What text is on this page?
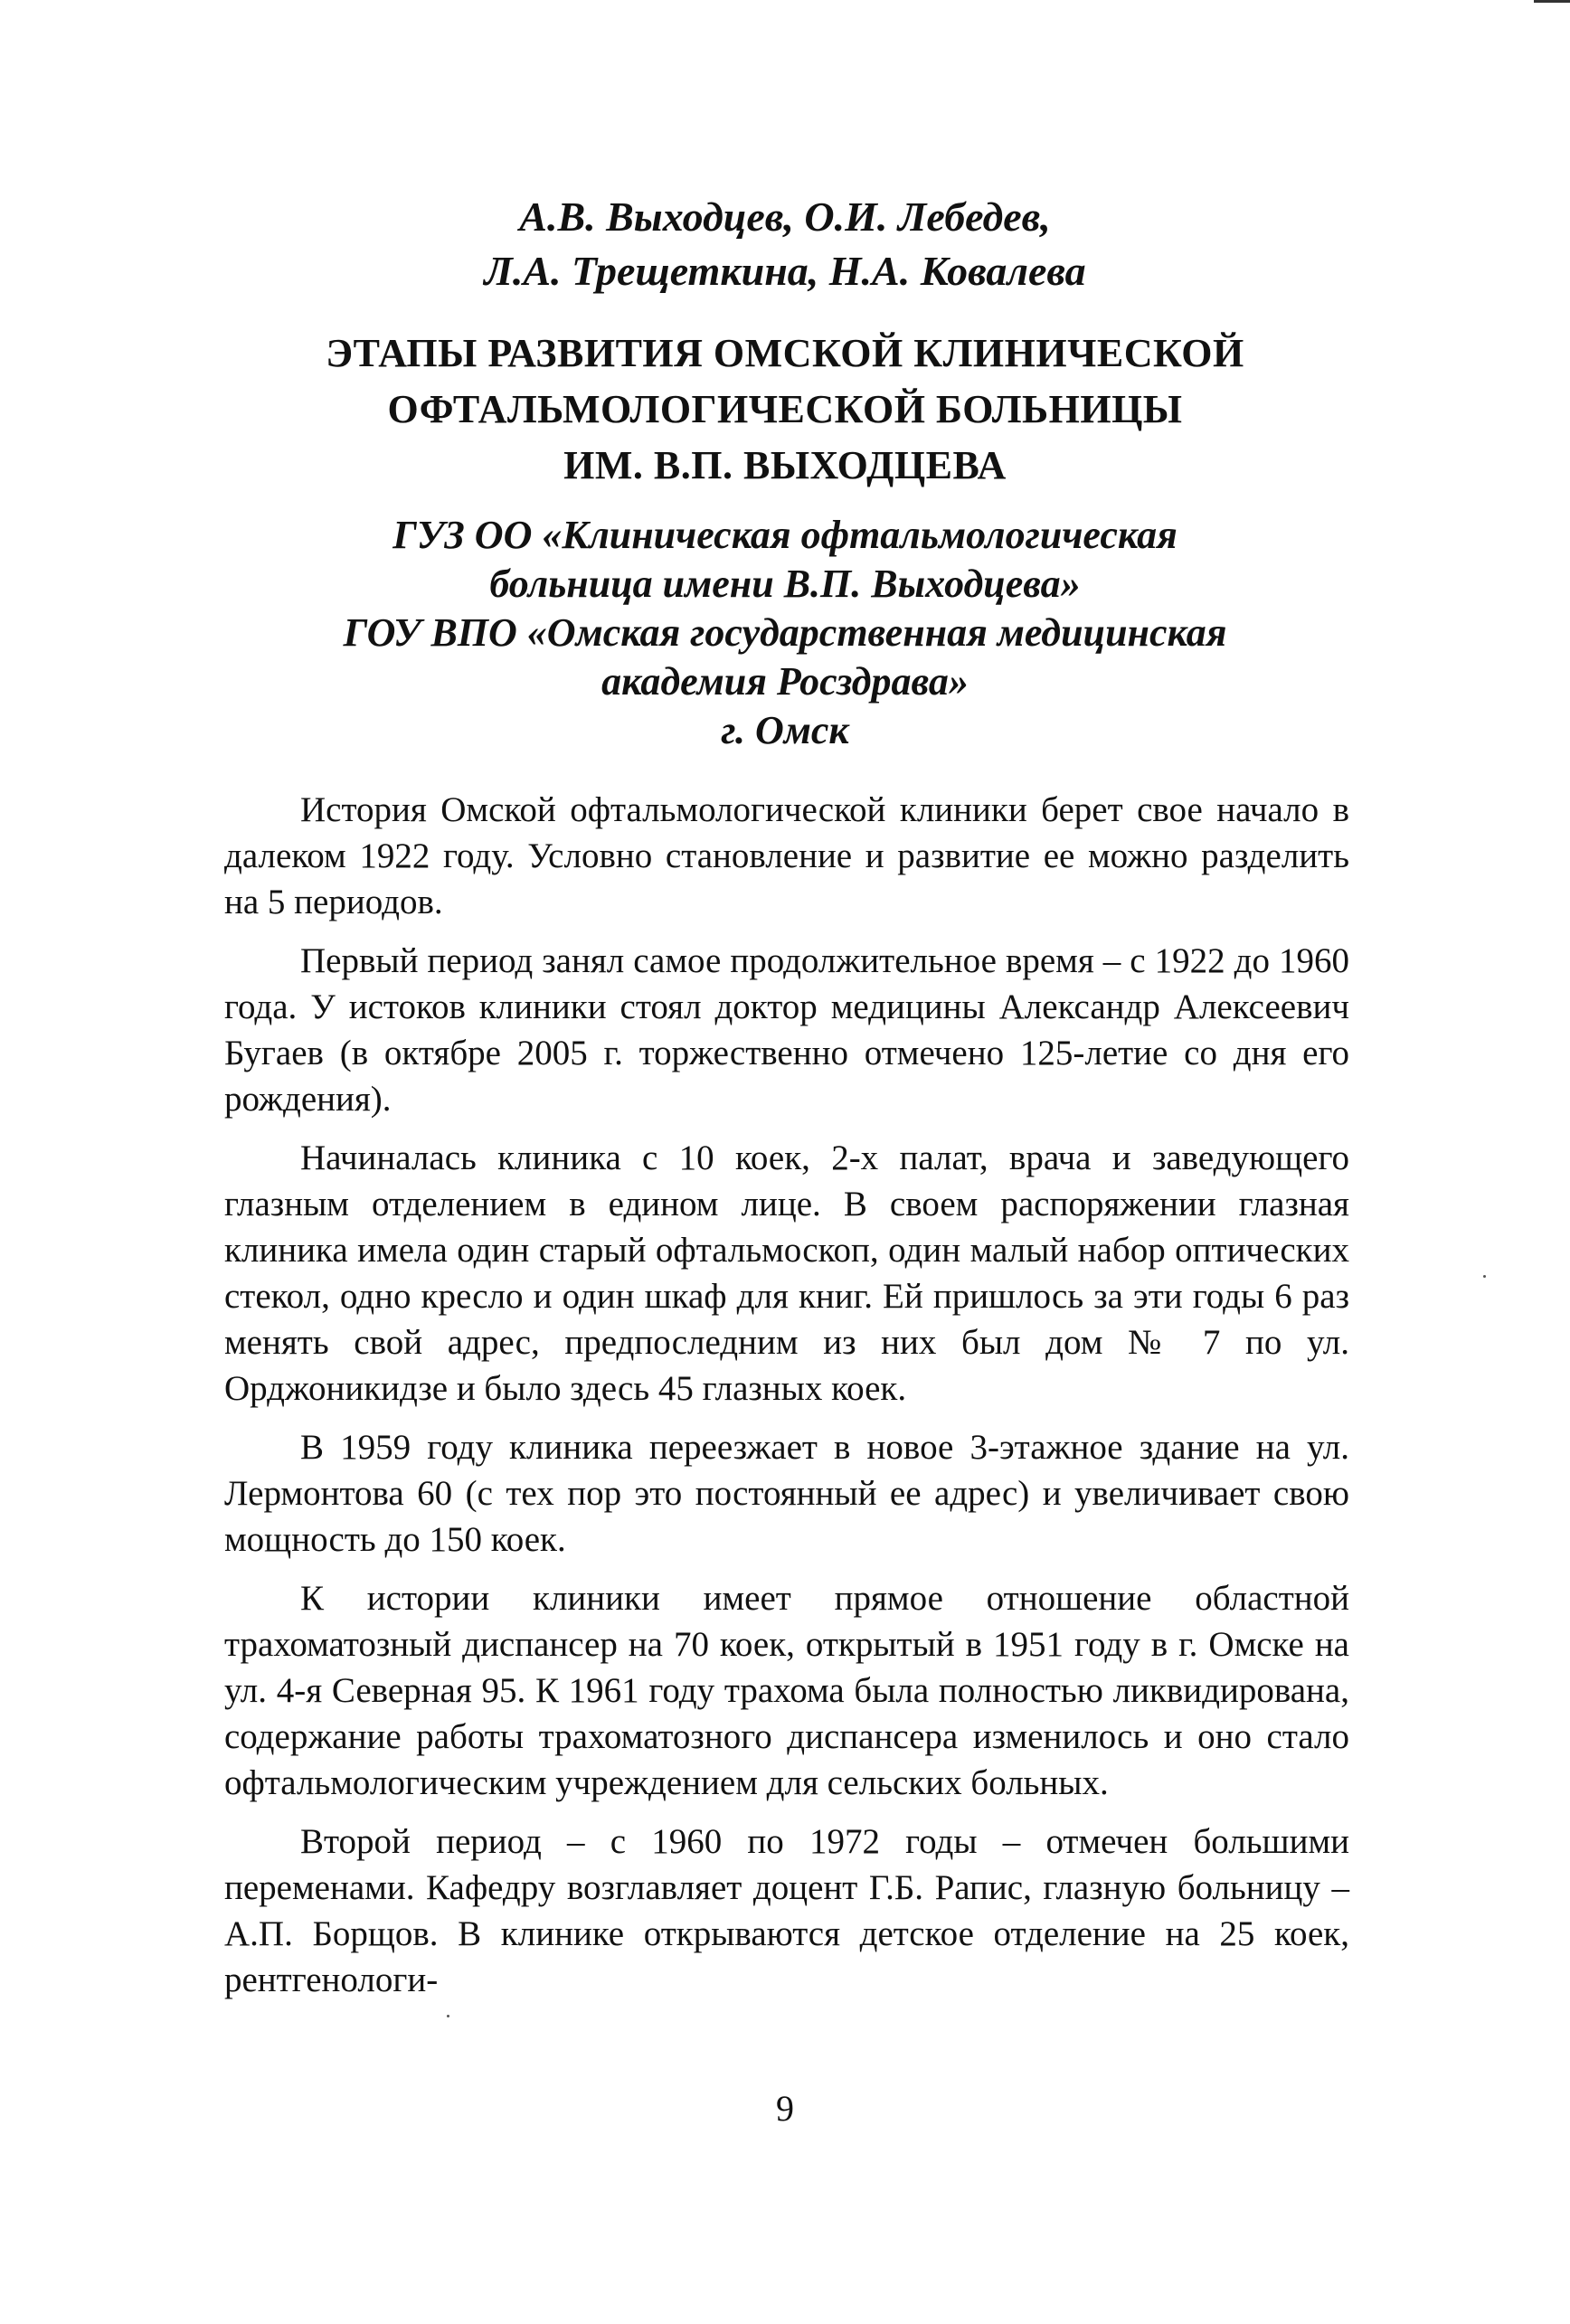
А.В. Выходцев, О.И. Лебедев,
Л.А. Трещеткина, Н.А. Ковалева
ЭТАПЫ РАЗВИТИЯ ОМСКОЙ КЛИНИЧЕСКОЙ
ОФТАЛЬМОЛОГИЧЕСКОЙ БОЛЬНИЦЫ
ИМ. В.П. ВЫХОДЦЕВА
ГУЗ ОО «Клиническая офтальмологическая
больница имени В.П. Выходцева»
ГОУ ВПО «Омская государственная медицинская
академия Росздрава»
г. Омск

История Омской офтальмологической клиники берет свое начало в далеком 1922 году. Условно становление и развитие ее можно разделить на 5 периодов.

Первый период занял самое продолжительное время – с 1922 до 1960 года. У истоков клиники стоял доктор медицины Александр Алексеевич Бугаев (в октябре 2005 г. торжественно отмечено 125-летие со дня его рождения).

Начиналась клиника с 10 коек, 2-х палат, врача и заведующего глазным отделением в едином лице. В своем распоряжении глазная клиника имела один старый офтальмоскоп, один малый набор оптических стекол, одно кресло и один шкаф для книг. Ей пришлось за эти годы 6 раз менять свой адрес, предпоследним из них был дом № 7 по ул. Орджоникидзе и было здесь 45 глазных коек.

В 1959 году клиника переезжает в новое 3-этажное здание на ул. Лермонтова 60 (с тех пор это постоянный ее адрес) и увеличивает свою мощность до 150 коек.

К истории клиники имеет прямое отношение областной трахоматозный диспансер на 70 коек, открытый в 1951 году в г. Омске на ул. 4-я Северная 95. К 1961 году трахома была полностью ликвидирована, содержание работы трахоматозного диспансера изменилось и оно стало офтальмологическим учреждением для сельских больных.

Второй период – с 1960 по 1972 годы – отмечен большими переменами. Кафедру возглавляет доцент Г.Б. Рапис, глазную больницу – А.П. Борщов. В клинике открываются детское отделение на 25 коек, рентгенологи-

9
